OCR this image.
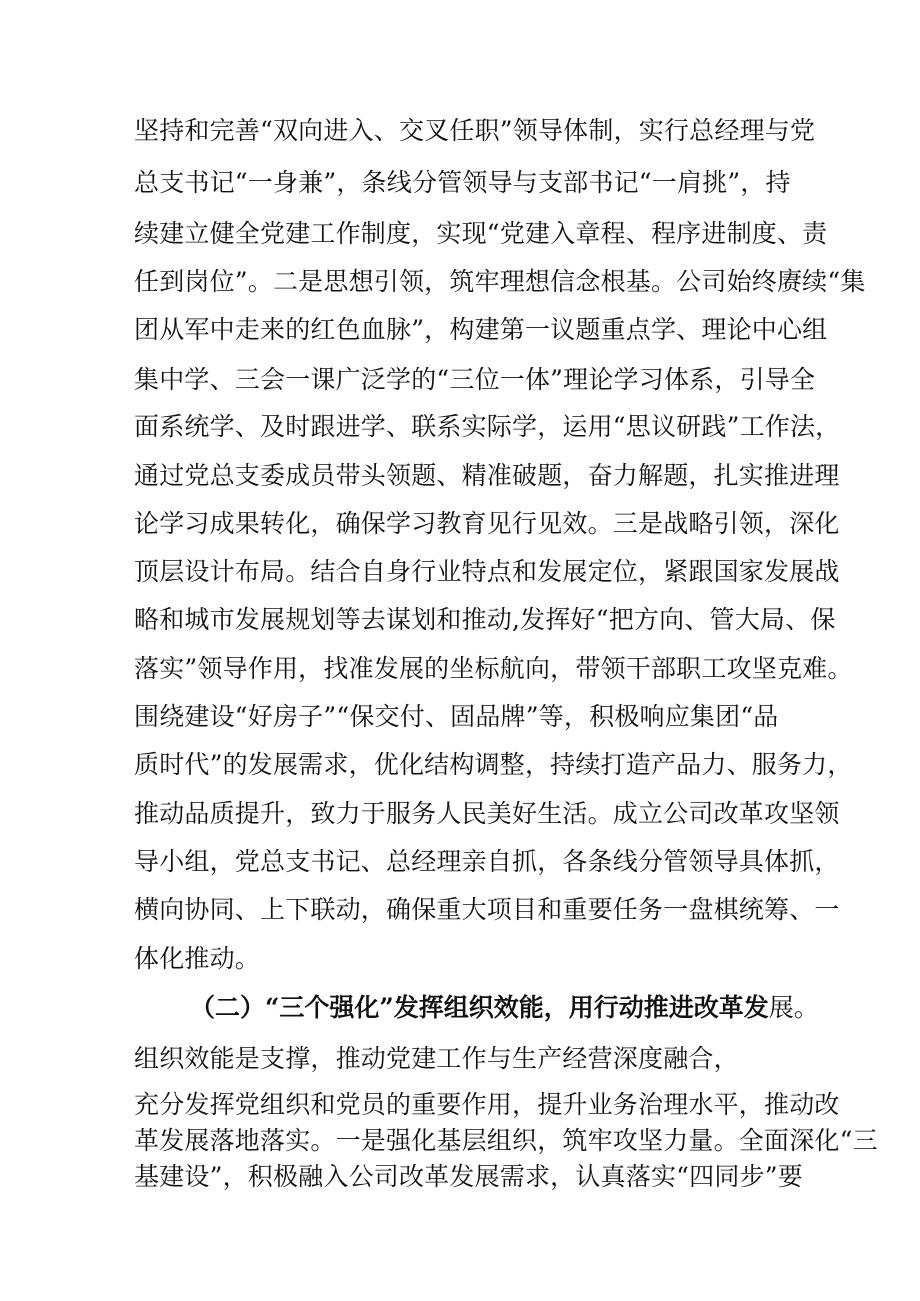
坚持和完善“双向进入、交叉任职”领导体制，实行总经理与党
总支书记“一身兼”，条线分管领导与支部书记“一肩挑”，持
续建立健全党建工作制度，实现“党建入章程、程序进制度、责
任到岗位”。二是思想引领，筑牢理想信念根基。公司始终赓续“集
团从军中走来的红色血脉”，构建第一议题重点学、理论中心组
集中学、三会一课广泛学的“三位一体”理论学习体系，引导全
面系统学、及时跟进学、联系实际学，运用“思议研践”工作法，
通过党总支委成员带头领题、精准破题，奋力解题，扎实推进理
论学习成果转化，确保学习教育见行见效。三是战略引领，深化
顶层设计布局。结合自身行业特点和发展定位，紧跟国家发展战
略和城市发展规划等去谋划和推动,发挥好“把方向、管大局、保
落实”领导作用，找准发展的坐标航向，带领干部职工攻坚克难。
围绕建设“好房子”“保交付、固品牌”等，积极响应集团“品
质时代”的发展需求，优化结构调整，持续打造产品力、服务力，
推动品质提升，致力于服务人民美好生活。成立公司改革攻坚领
导小组，党总支书记、总经理亲自抓，各条线分管领导具体抓，
横向协同、上下联动，确保重大项目和重要任务一盘棋统筹、一
体化推动。
（二）“三个强化”发挥组织效能，用行动推进改革发展。
组织效能是支撑，推动党建工作与生产经营深度融合，
充分发挥党组织和党员的重要作用，提升业务治理水平，推动改
革发展落地落实。一是强化基层组织，筑牢攻坚力量。全面深化“三
基建设”，积极融入公司改革发展需求，认真落实“四同步”要
